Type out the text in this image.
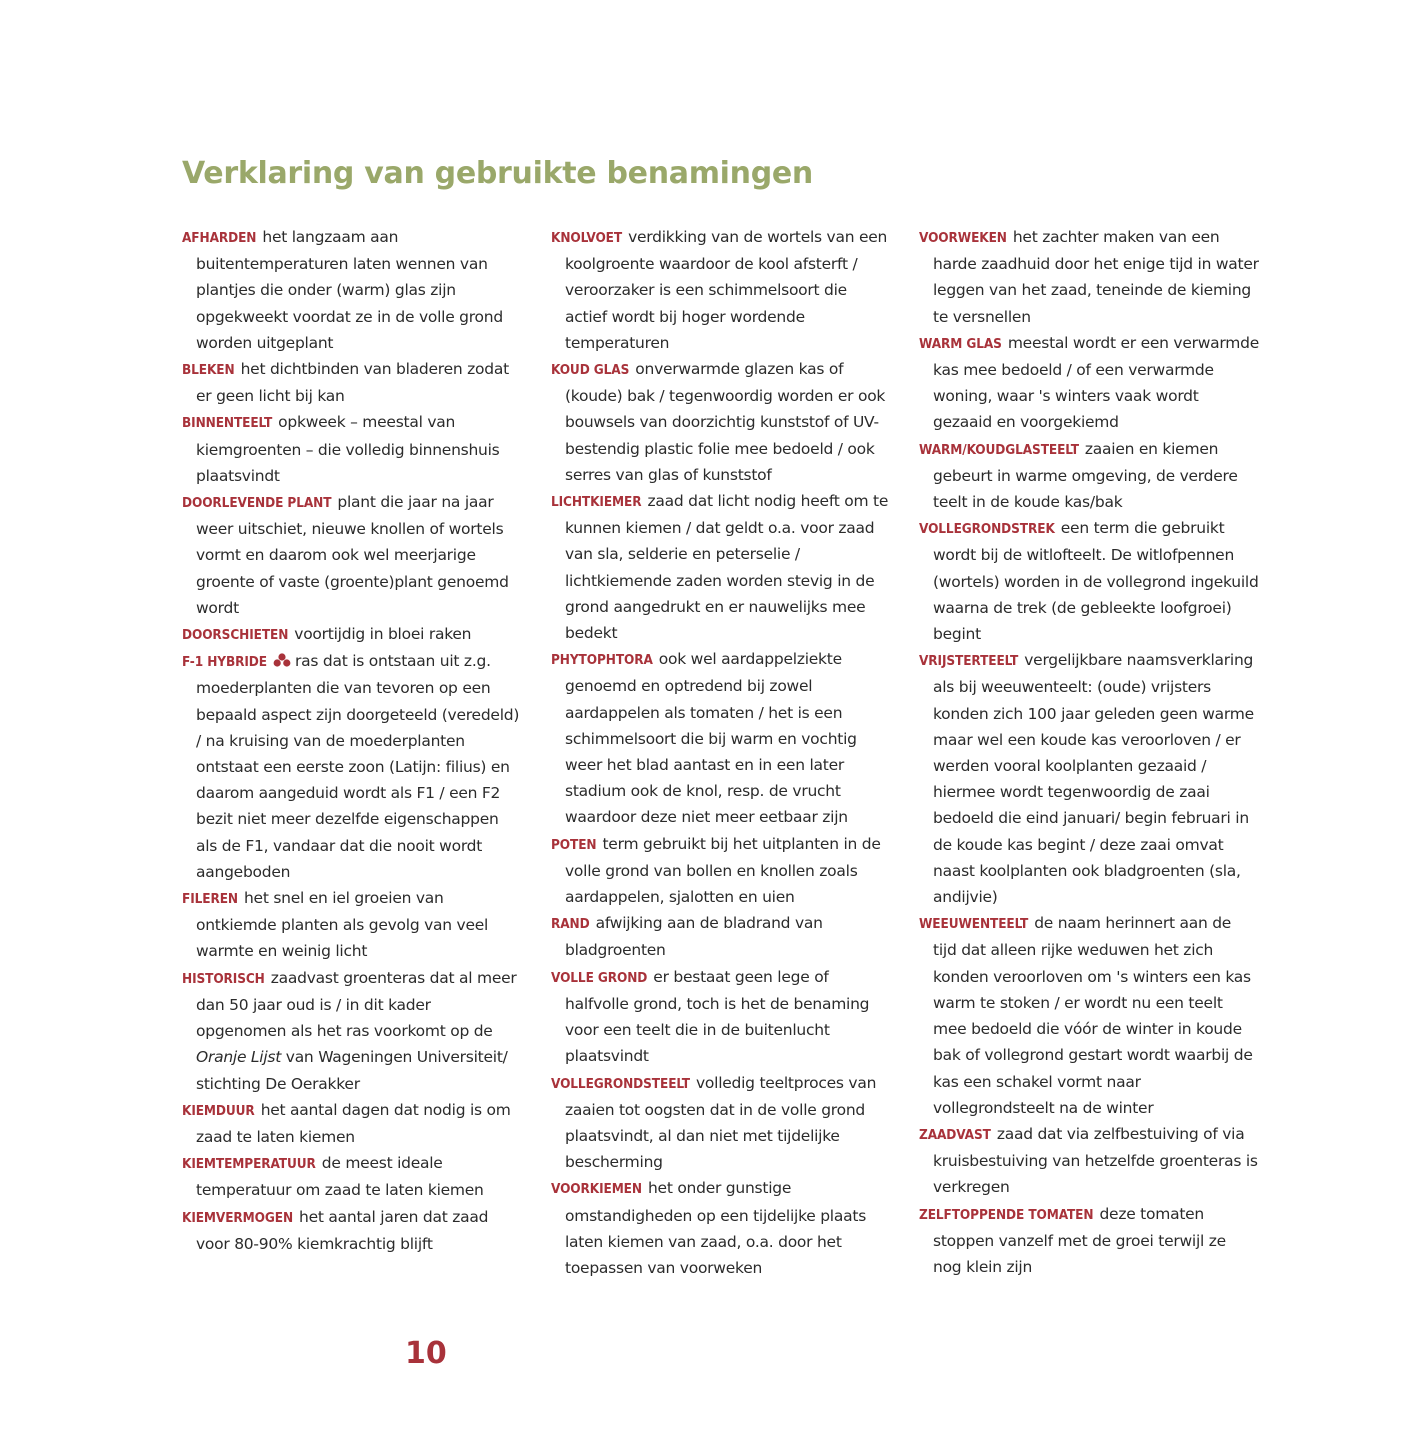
Verklaring van gebruikte benamingen

AFHARDEN het langzaam aan buitentemperaturen laten wennen van plantjes die onder (warm) glas zijn opgekweekt voordat ze in de volle grond worden uitgeplant

BLEKEN het dichtbinden van bladeren zodat er geen licht bij kan

BINNENTEELT opkweek – meestal van kiemgroenten – die volledig binnenshuis plaatsvindt

DOORLEVENDE PLANT plant die jaar na jaar weer uitschiet, nieuwe knollen of wortels vormt en daarom ook wel meerjarige groente of vaste (groente)plant genoemd wordt

DOORSCHIETEN voortijdig in bloei raken

F-1 HYBRIDE ras dat is ontstaan uit z.g. moederplanten die van tevoren op een bepaald aspect zijn doorgeteeld (veredeld) / na kruising van de moederplanten ontstaat een eerste zoon (Latijn: filius) en daarom aangeduid wordt als F1 / een F2 bezit niet meer dezelfde eigenschappen als de F1, vandaar dat die nooit wordt aangeboden

FILEREN het snel en iel groeien van ontkiemde planten als gevolg van veel warmte en weinig licht

HISTORISCH zaadvast groenteras dat al meer dan 50 jaar oud is / in dit kader opgenomen als het ras voorkomt op de Oranje Lijst van Wageningen Universiteit/ stichting De Oerakker

KIEMDUUR het aantal dagen dat nodig is om zaad te laten kiemen

KIEMTEMPERATUUR de meest ideale temperatuur om zaad te laten kiemen

KIEMVERMOGEN het aantal jaren dat zaad voor 80-90% kiemkrachtig blijft

KNOLVOET verdikking van de wortels van een koolgroente waardoor de kool afsterft / veroorzaker is een schimmelsoort die actief wordt bij hoger wordende temperaturen

KOUD GLAS onverwarmde glazen kas of (koude) bak / tegenwoordig worden er ook bouwsels van doorzichtig kunststof of UV-bestendig plastic folie mee bedoeld / ook serres van glas of kunststof

LICHTKIEMER zaad dat licht nodig heeft om te kunnen kiemen / dat geldt o.a. voor zaad van sla, selderie en peterselie / lichtkiemende zaden worden stevig in de grond aangedrukt en er nauwelijks mee bedekt

PHYTOPHTORA ook wel aardappelziekte genoemd en optredend bij zowel aardappelen als tomaten / het is een schimmelsoort die bij warm en vochtig weer het blad aantast en in een later stadium ook de knol, resp. de vrucht waardoor deze niet meer eetbaar zijn

POTEN term gebruikt bij het uitplanten in de volle grond van bollen en knollen zoals aardappelen, sjalotten en uien

RAND afwijking aan de bladrand van bladgroenten

VOLLE GROND er bestaat geen lege of halfvolle grond, toch is het de benaming voor een teelt die in de buitenlucht plaatsvindt

VOLLEGRONDSTEELT volledig teeltproces van zaaien tot oogsten dat in de volle grond plaatsvindt, al dan niet met tijdelijke bescherming

VOORKIEMEN het onder gunstige omstandigheden op een tijdelijke plaats laten kiemen van zaad, o.a. door het toepassen van voorweken

VOORWEKEN het zachter maken van een harde zaadhuid door het enige tijd in water leggen van het zaad, teneinde de kieming te versnellen

WARM GLAS meestal wordt er een verwarmde kas mee bedoeld / of een verwarmde woning, waar 's winters vaak wordt gezaaid en voorgekiemd

WARM/KOUDGLASTEELT zaaien en kiemen gebeurt in warme omgeving, de verdere teelt in de koude kas/bak

VOLLEGRONDSTREK een term die gebruikt wordt bij de witlofteelt. De witlofpennen (wortels) worden in de vollegrond ingekuild waarna de trek (de gebleekte loofgroei) begint

VRIJSTERTEELT vergelijkbare naamsverklaring als bij weeuwenteelt: (oude) vrijsters konden zich 100 jaar geleden geen warme maar wel een koude kas veroorloven / er werden vooral koolplanten gezaaid / hiermee wordt tegenwoordig de zaai bedoeld die eind januari/ begin februari in de koude kas begint / deze zaai omvat naast koolplanten ook bladgroenten (sla, andijvie)

WEEUWENTEELT de naam herinnert aan de tijd dat alleen rijke weduwen het zich konden veroorloven om 's winters een kas warm te stoken / er wordt nu een teelt mee bedoeld die vóór de winter in koude bak of vollegrond gestart wordt waarbij de kas een schakel vormt naar vollegrondsteelt na de winter

ZAADVAST zaad dat via zelfbestuiving of via kruisbestuiving van hetzelfde groenteras is verkregen

ZELFTOPPENDE TOMATEN deze tomaten stoppen vanzelf met de groei terwijl ze nog klein zijn

10
